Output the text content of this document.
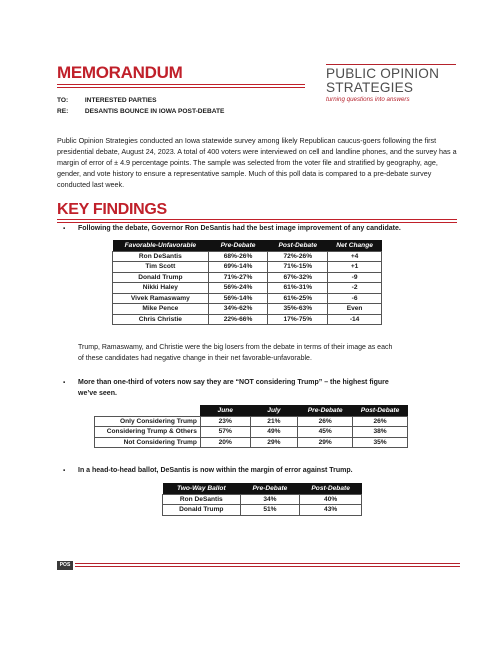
MEMORANDUM	PUBLIC OPINION
STRATEGIES
turning questions into answers
TO:	INTERESTED PARTIES
RE: DESANTIS BOUNCE IN IOWA POST-DEBATE
Public Opinion Strategies conducted an Iowa statewide survey among likely Republican caucus-goers following the first presidential debate, August 24, 2023. A total of 400 voters were interviewed on cell and landline phones, and the survey has a margin of error of ± 4.9 percentage points. The sample was selected from the voter file and stratified by geography, age, gender, and vote history to ensure a representative sample. Much of this poll data is compared to a pre-debate survey conducted last week.
KEY FINDINGS
▪ Following the debate, Governor Ron DeSantis had the best image improvement of any candidate.
Favorable-Unfavorable	Pre-Debate	Post-Debate	Net Change
Ron DeSantis	68%-26%	72%-26%	+4
Tim Scott	69%-14%	71%-15%	+1
Donald Trump	71%-27%	67%-32%	-9
Nikki Haley	56%-24%	61%-31%	-2
Vivek Ramaswamy	56%-14%	61%-25%	-6
Mike Pence	34%-62%	35%-63%	Even
Chris Christie	22%-66%	17%-75%	-14
Trump, Ramaswamy, and Christie were the big losers from the debate in terms of their image as each of these candidates had negative change in their net favorable-unfavorable.
▪ More than one-third of voters now say they are “NOT considering Trump” – the highest figure we’ve seen.
	June	July	Pre-Debate	Post-Debate
Only Considering Trump	23%	21%	26%	26%
Considering Trump & Others	57%	49%	45%	38%
Not Considering Trump	20%	29%	29%	35%
▪ In a head-to-head ballot, DeSantis is now within the margin of error against Trump.
Two-Way Ballot	Pre-Debate	Post-Debate
Ron DeSantis	34%	40%
Donald Trump	51%	43%
POS
